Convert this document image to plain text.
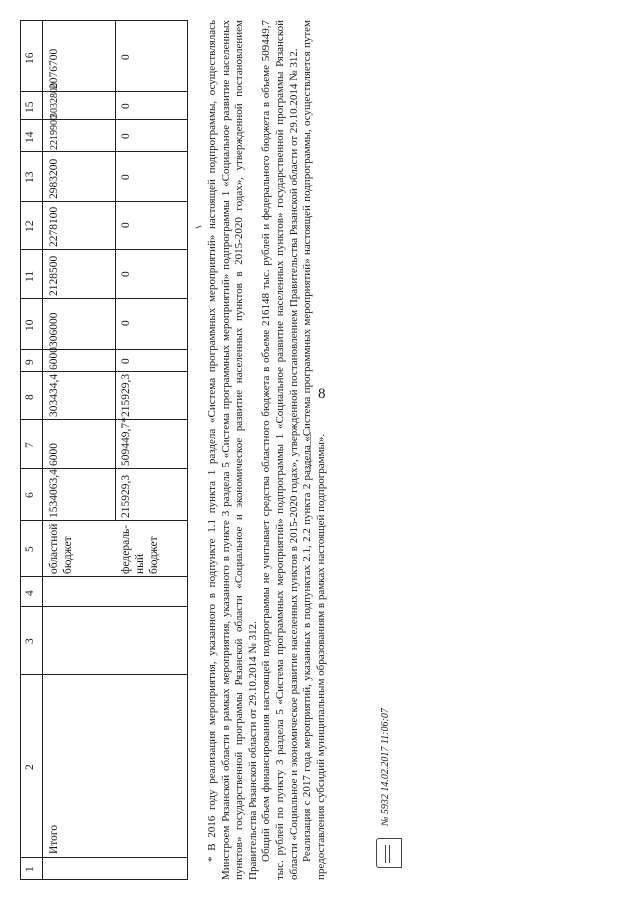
8
1
2
3
4
5
6
7
8
9
10
11
12
13
14
15
16
Итого
областной бюджет
1534063,4
6000
303434,4
6000
306000
2128500
2278100
2983200
2219900
3032800
2076700
федераль- ный бюджет
215929,3
509449,7*
215929,3
0
0
0
0
0
0
0
0	* В 2016 году реализация мероприятия, указанного в подпункте 1.1 пункта 1 раздела «Система программных мероприятий» настоящей подпрограммы, осуществлялась Минстроем Рязанской области в рамках мероприятия, указанного в пункте 3 раздела 5 «Система программных мероприятий» подпрограммы 1 «Социальное развитие населенных пунктов» государственной программы Рязанской области «Социальное и экономическое развитие населенных пунктов в 2015-2020 годах», утвержденной постановлением Правительства Рязанской области от 29.10.2014 № 312. Общий объем финансирования настоящей подпрограммы не учитывает средства областного бюджета в объеме 216148 тыс. рублей и федерального бюджета в объеме 509449,7 тыс. рублей по пункту 3 раздела 5 «Система программных мероприятий» подпрограммы 1 «Социальное развитие населенных пунктов» государственной программы Рязанской области «Социальное и экономическое развитие населенных пунктов в 2015-2020 годах», утвержденной постановлением Правительства Рязанской области от 29.10.2014 № 312. Реализация с 2017 года мероприятий, указанных в подпунктах 2.1, 2.2 пункта 2 раздела «Система программных мероприятий» настоящей подпрограммы, осуществляется путем предоставления субсидий муниципальным образованиям в рамках настоящей подпрограммы».	№ 5932 14.02.2017 11:06:07
